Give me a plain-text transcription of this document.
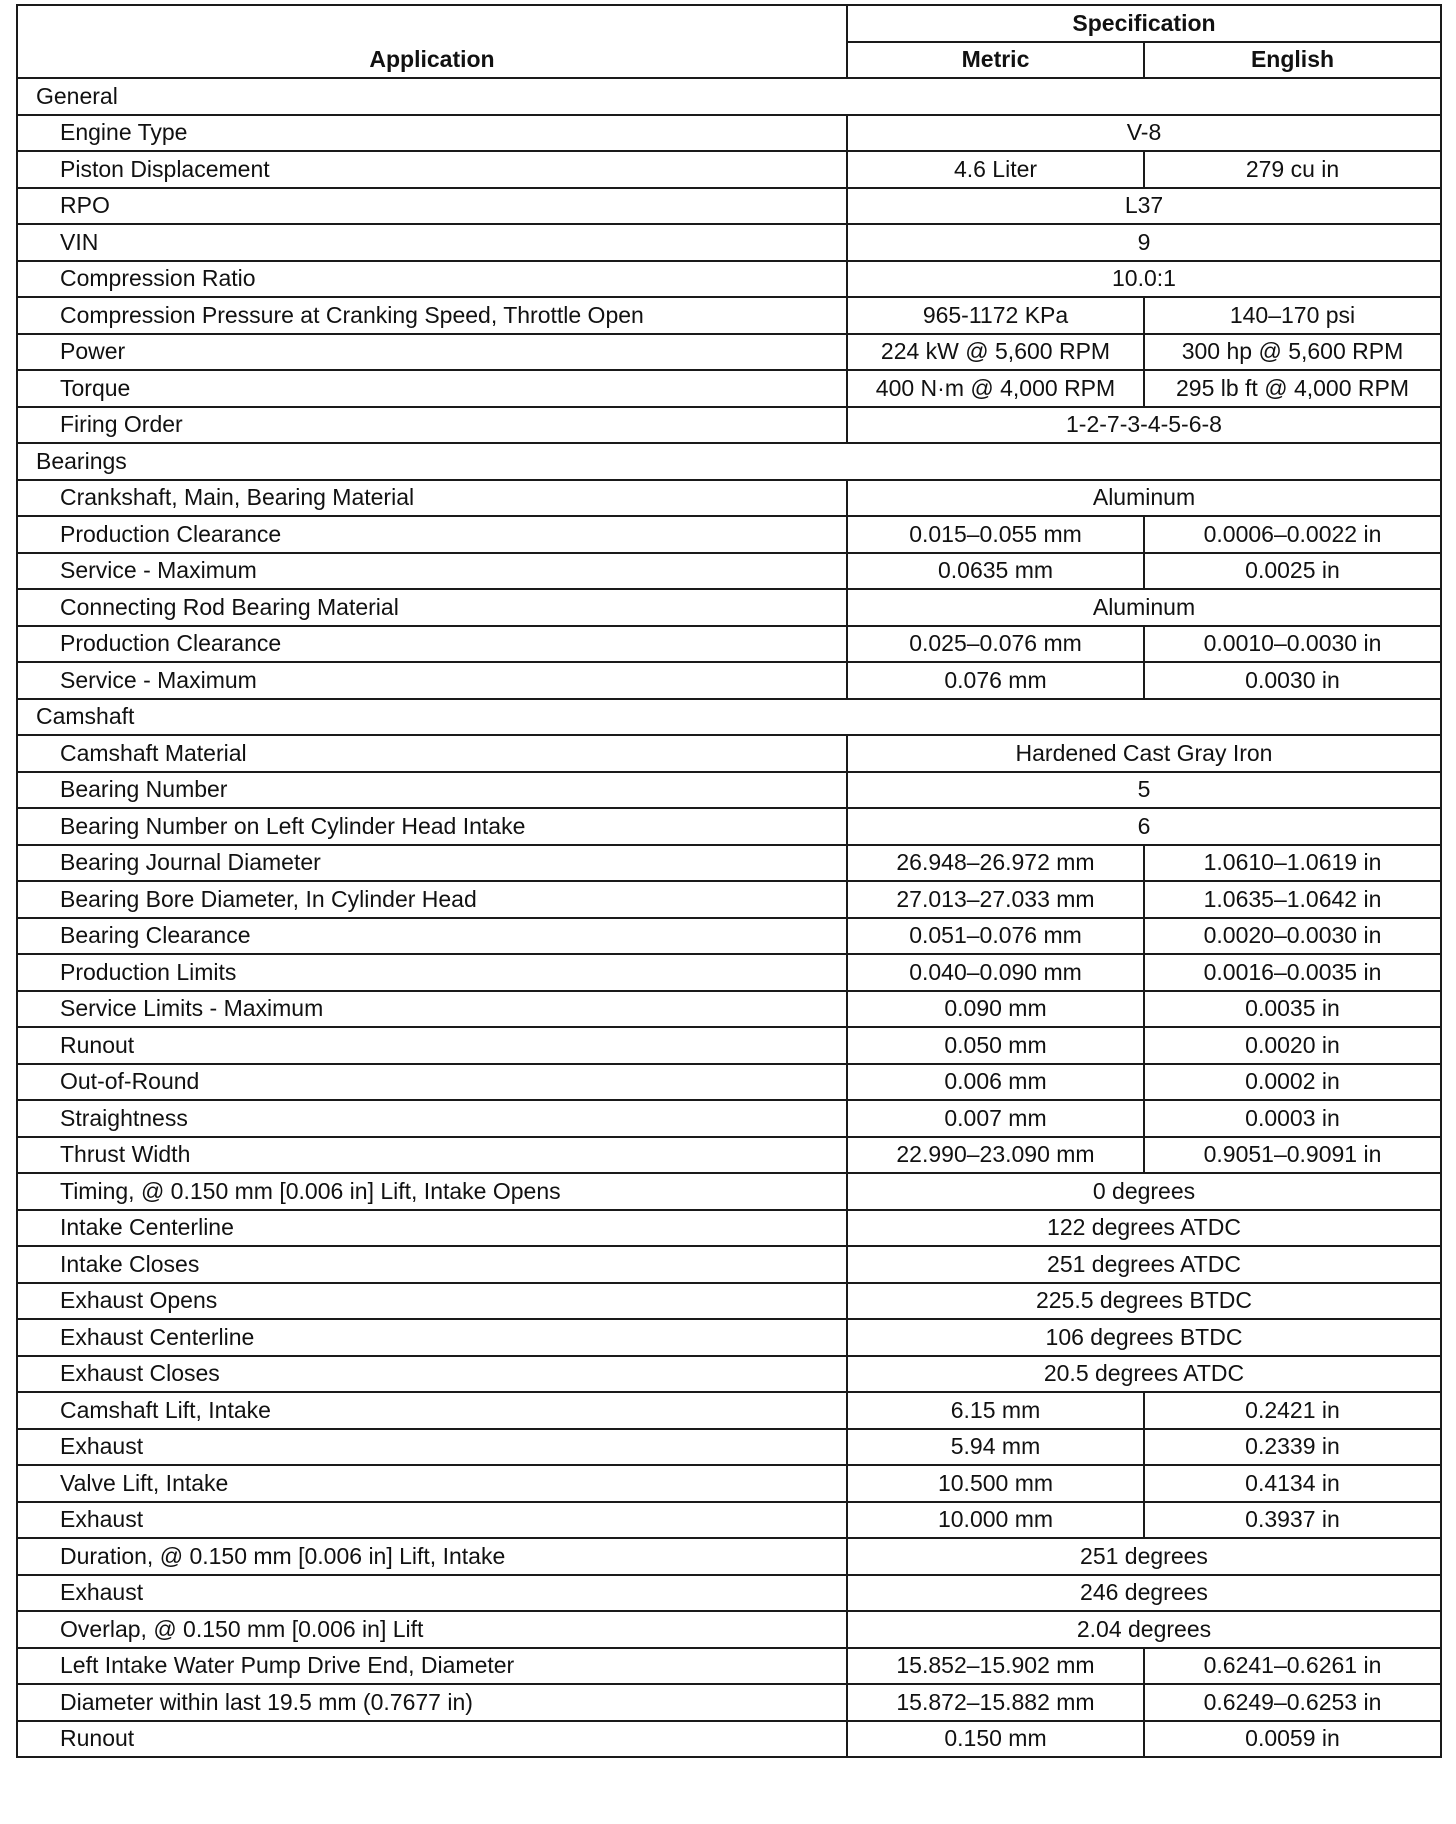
Application	Specification	
	Metric	English
General		
Engine Type	V-8	
Piston Displacement	4.6 Liter	279 cu in
RPO	L37	
VIN	9	
Compression Ratio	10.0:1	
Compression Pressure at Cranking Speed, Throttle Open	965-1172 KPa	140–170 psi
Power	224 kW @ 5,600 RPM	300 hp @ 5,600 RPM
Torque	400 N·m @ 4,000 RPM	295 lb ft @ 4,000 RPM
Firing Order	1-2-7-3-4-5-6-8	
Bearings		
Crankshaft, Main, Bearing Material	Aluminum	
Production Clearance	0.015–0.055 mm	0.0006–0.0022 in
Service - Maximum	0.0635 mm	0.0025 in
Connecting Rod Bearing Material	Aluminum	
Production Clearance	0.025–0.076 mm	0.0010–0.0030 in
Service - Maximum	0.076 mm	0.0030 in
Camshaft		
Camshaft Material	Hardened Cast Gray Iron	
Bearing Number	5	
Bearing Number on Left Cylinder Head Intake	6	
Bearing Journal Diameter	26.948–26.972 mm	1.0610–1.0619 in
Bearing Bore Diameter, In Cylinder Head	27.013–27.033 mm	1.0635–1.0642 in
Bearing Clearance	0.051–0.076 mm	0.0020–0.0030 in
Production Limits	0.040–0.090 mm	0.0016–0.0035 in
Service Limits - Maximum	0.090 mm	0.0035 in
Runout	0.050 mm	0.0020 in
Out-of-Round	0.006 mm	0.0002 in
Straightness	0.007 mm	0.0003 in
Thrust Width	22.990–23.090 mm	0.9051–0.9091 in
Timing, @ 0.150 mm [0.006 in] Lift, Intake Opens	0 degrees	
Intake Centerline	122 degrees ATDC	
Intake Closes	251 degrees ATDC	
Exhaust Opens	225.5 degrees BTDC	
Exhaust Centerline	106 degrees BTDC	
Exhaust Closes	20.5 degrees ATDC	
Camshaft Lift, Intake	6.15 mm	0.2421 in
Exhaust	5.94 mm	0.2339 in
Valve Lift, Intake	10.500 mm	0.4134 in
Exhaust	10.000 mm	0.3937 in
Duration, @ 0.150 mm [0.006 in] Lift, Intake	251 degrees	
Exhaust	246 degrees	
Overlap, @ 0.150 mm [0.006 in] Lift	2.04 degrees	
Left Intake Water Pump Drive End, Diameter	15.852–15.902 mm	0.6241–0.6261 in
Diameter within last 19.5 mm (0.7677 in)	15.872–15.882 mm	0.6249–0.6253 in
Runout	0.150 mm	0.0059 in
